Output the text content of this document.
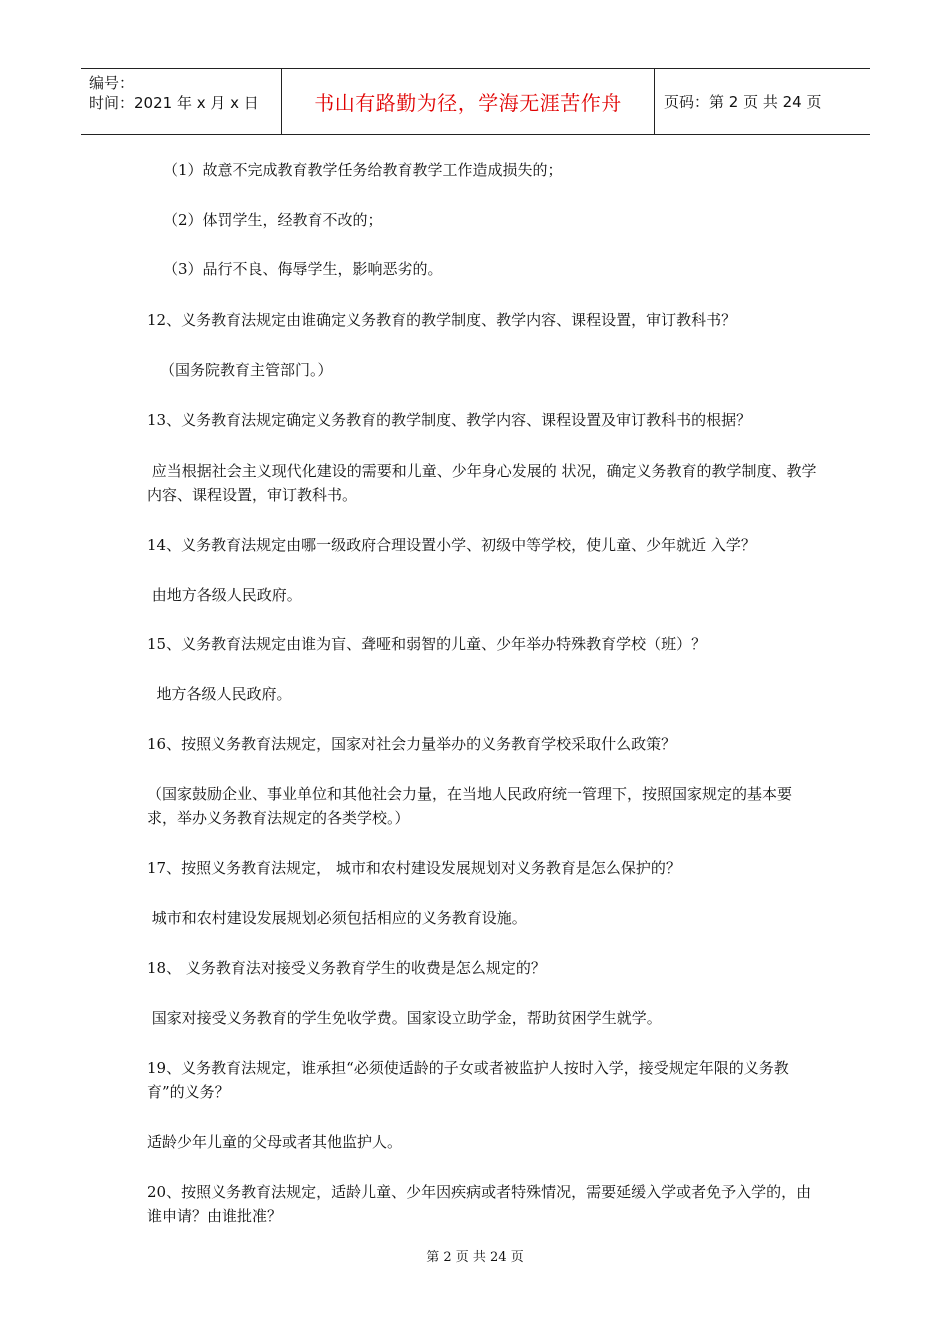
编号：
时间：2021 年 x 月 x 日	书山有路勤为径，学海无涯苦作舟	页码：第 2 页 共 24 页

（1）故意不完成教育教学任务给教育教学工作造成损失的；

（2）体罚学生，经教育不改的；

（3）品行不良、侮辱学生，影响恶劣的。

12、义务教育法规定由谁确定义务教育的教学制度、教学内容、课程设置，审订教科书？

（国务院教育主管部门。）

13、义务教育法规定确定义务教育的教学制度、教学内容、课程设置及审订教科书的根据？

应当根据社会主义现代化建设的需要和儿童、少年身心发展的 状况，确定义务教育的教学制度、教学内容、课程设置，审订教科书。

14、义务教育法规定由哪一级政府合理设置小学、初级中等学校，使儿童、少年就近 入学？

由地方各级人民政府。

15、义务教育法规定由谁为盲、聋哑和弱智的儿童、少年举办特殊教育学校（班）？

地方各级人民政府。

16、按照义务教育法规定，国家对社会力量举办的义务教育学校采取什么政策？

（国家鼓励企业、事业单位和其他社会力量，在当地人民政府统一管理下，按照国家规定的基本要求，举办义务教育法规定的各类学校。）

17、按照义务教育法规定， 城市和农村建设发展规划对义务教育是怎么保护的？

城市和农村建设发展规划必须包括相应的义务教育设施。

18、 义务教育法对接受义务教育学生的收费是怎么规定的？

国家对接受义务教育的学生免收学费。国家设立助学金，帮助贫困学生就学。

19、义务教育法规定，谁承担“必须使适龄的子女或者被监护人按时入学，接受规定年限的义务教育”的义务？

适龄少年儿童的父母或者其他监护人。

20、按照义务教育法规定，适龄儿童、少年因疾病或者特殊情况，需要延缓入学或者免予入学的，由谁申请？由谁批准？

第 2 页 共 24 页
